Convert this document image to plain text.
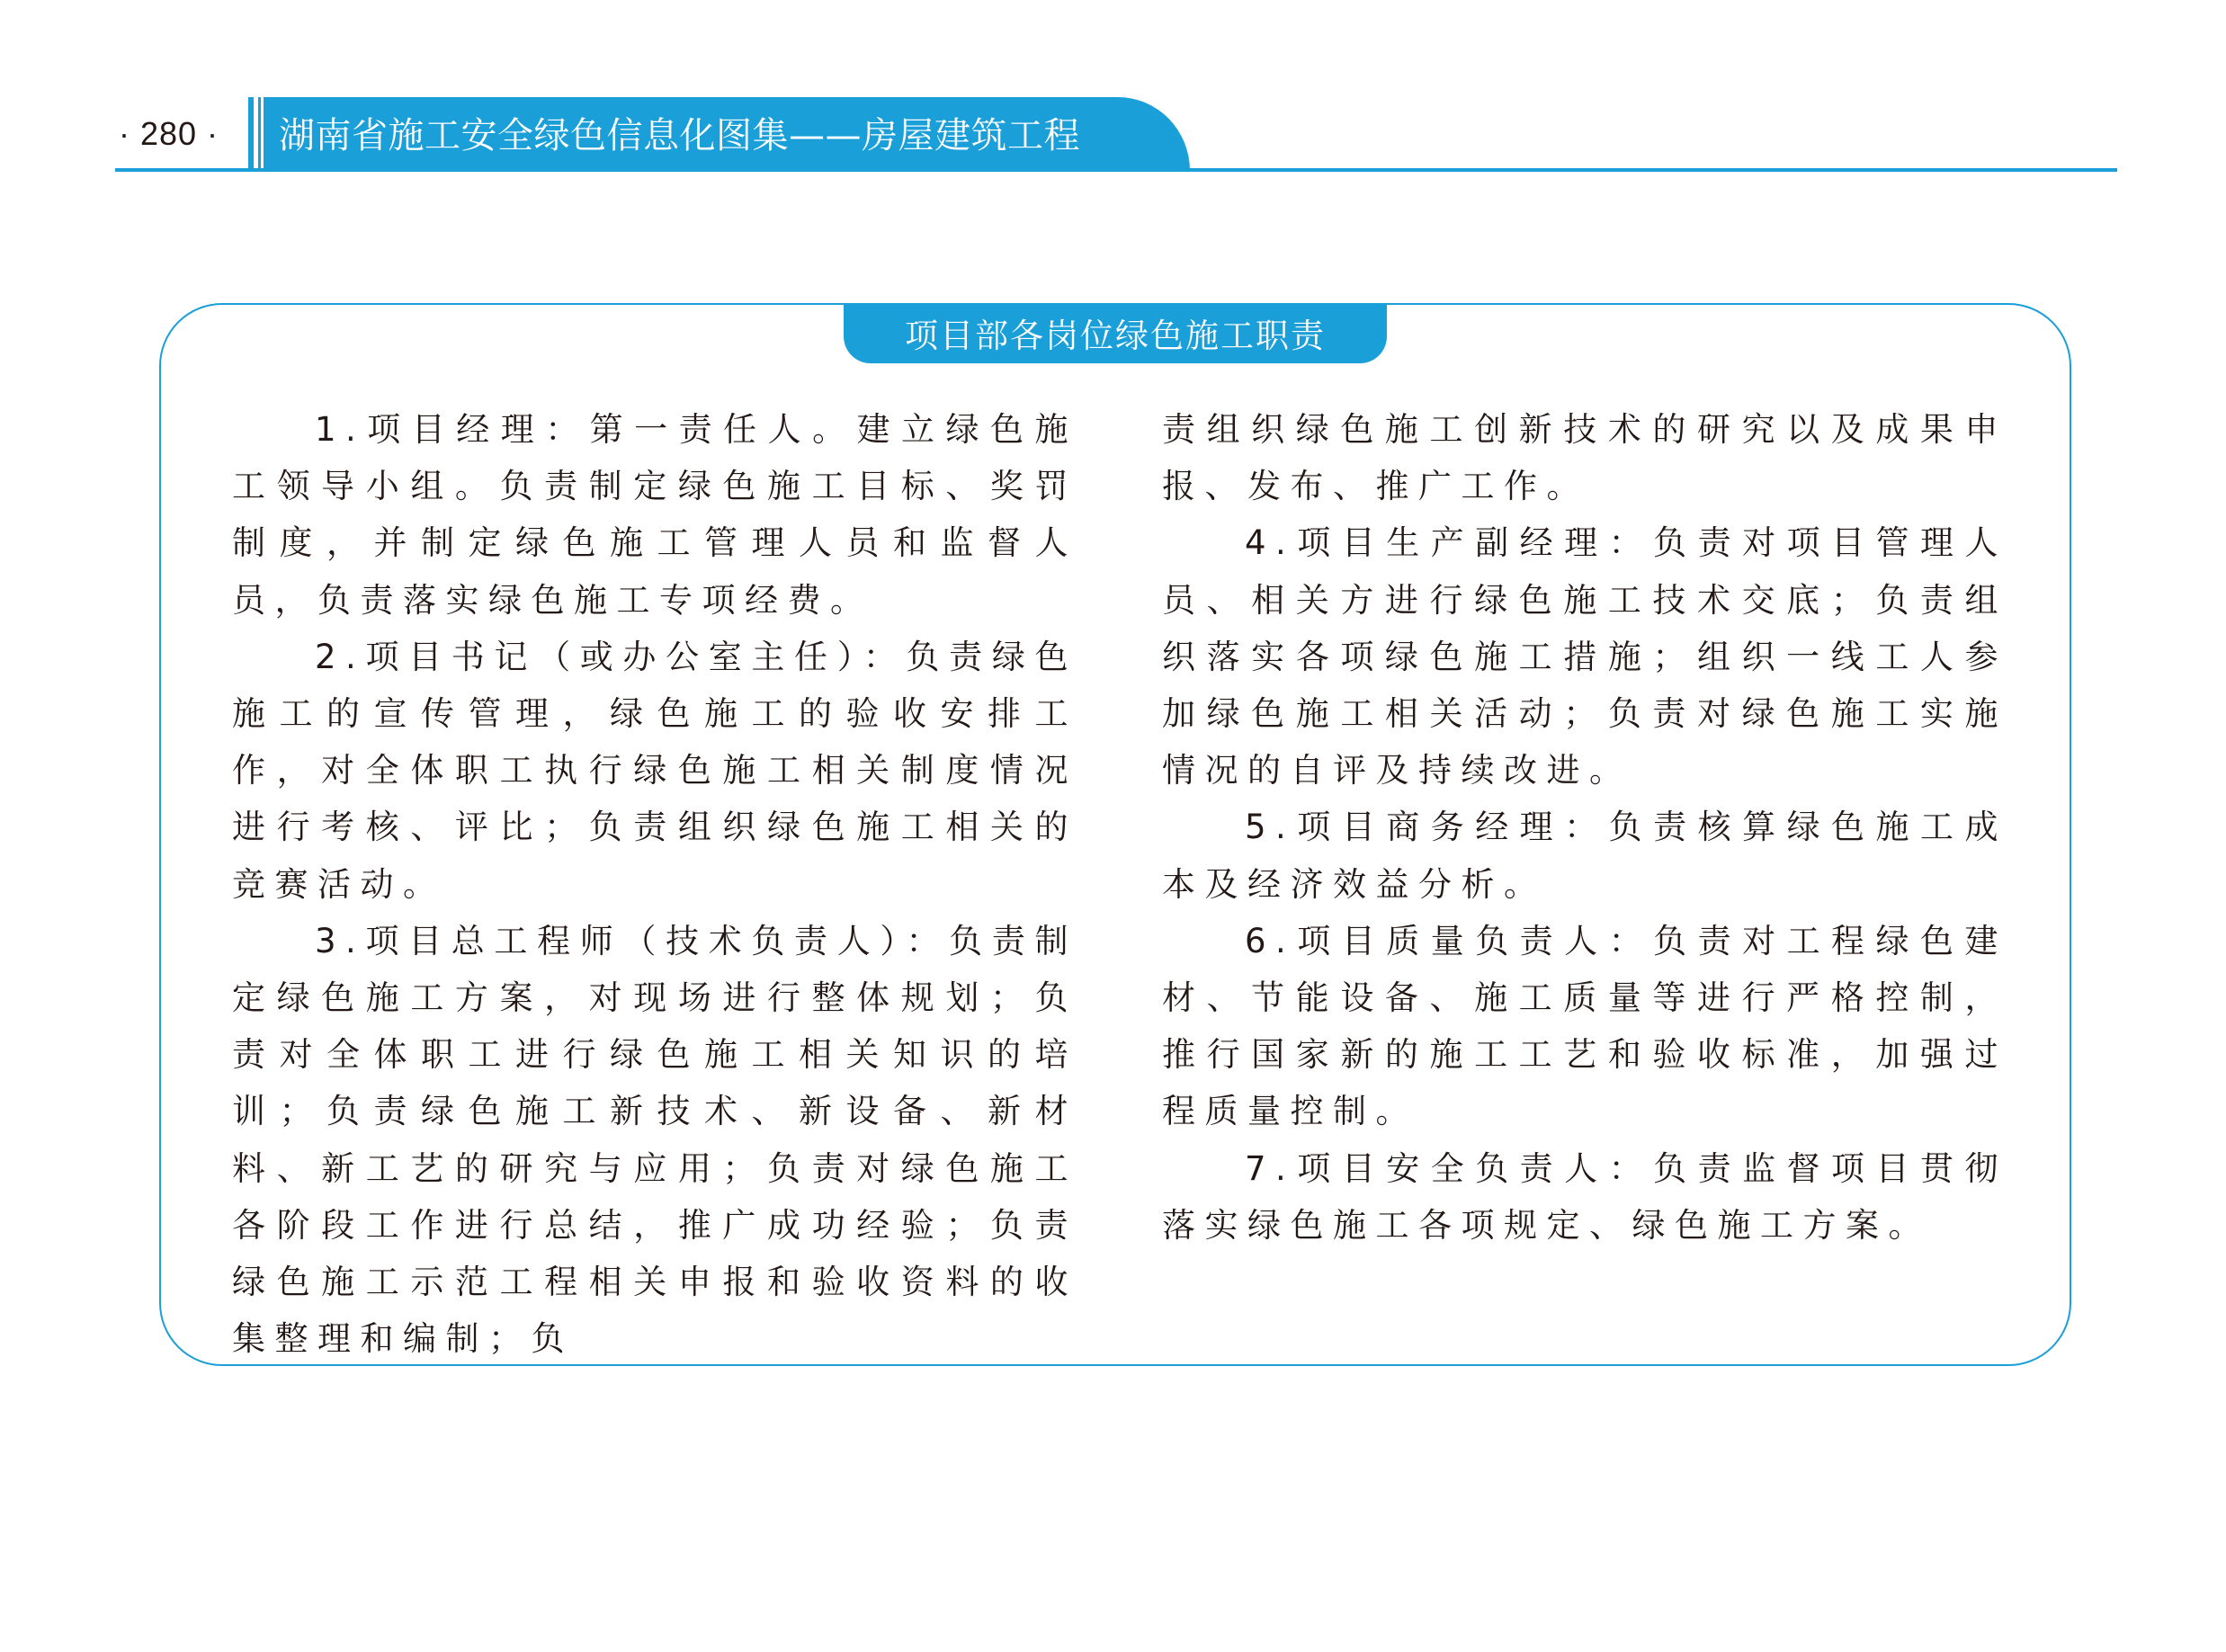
· 280 ·	湖南省施工安全绿色信息化图集——房屋建筑工程
项目部各岗位绿色施工职责

1.项目经理：第一责任人。建立绿色施工领导小组。负责制定绿色施工目标、奖罚制度，并制定绿色施工管理人员和监督人员，负责落实绿色施工专项经费。

2.项目书记（或办公室主任）：负责绿色施工的宣传管理，绿色施工的验收安排工作，对全体职工执行绿色施工相关制度情况进行考核、评比；负责组织绿色施工相关的竞赛活动。

3.项目总工程师（技术负责人）：负责制定绿色施工方案，对现场进行整体规划；负责对全体职工进行绿色施工相关知识的培训；负责绿色施工新技术、新设备、新材料、新工艺的研究与应用；负责对绿色施工各阶段工作进行总结，推广成功经验；负责绿色施工示范工程相关申报和验收资料的收集整理和编制；负

责组织绿色施工创新技术的研究以及成果申报、发布、推广工作。

4.项目生产副经理：负责对项目管理人员、相关方进行绿色施工技术交底；负责组织落实各项绿色施工措施；组织一线工人参加绿色施工相关活动；负责对绿色施工实施情况的自评及持续改进。

5.项目商务经理：负责核算绿色施工成本及经济效益分析。

6.项目质量负责人：负责对工程绿色建材、节能设备、施工质量等进行严格控制，推行国家新的施工工艺和验收标准，加强过程质量控制。

7.项目安全负责人：负责监督项目贯彻落实绿色施工各项规定、绿色施工方案。
